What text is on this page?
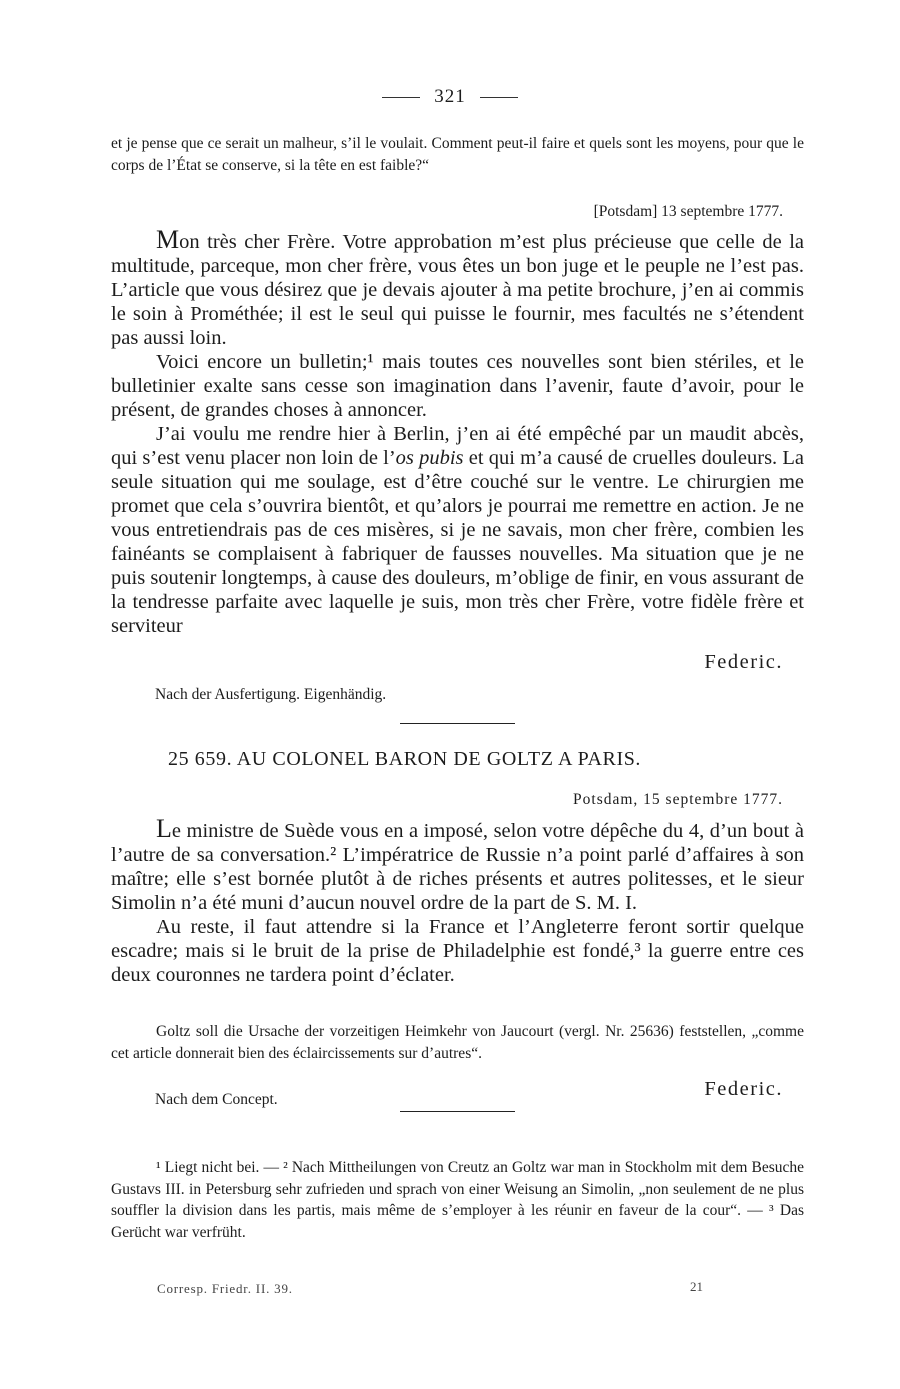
321

et je pense que ce serait un malheur, s’il le voulait. Comment peut-il faire et quels sont les moyens, pour que le corps de l’État se conserve, si la tête en est faible?“

[Potsdam] 13 septembre 1777.

Mon très cher Frère. Votre approbation m’est plus précieuse que celle de la multitude, parceque, mon cher frère, vous êtes un bon juge et le peuple ne l’est pas. L’article que vous désirez que je devais ajouter à ma petite brochure, j’en ai commis le soin à Prométhée; il est le seul qui puisse le fournir, mes facultés ne s’étendent pas aussi loin.

Voici encore un bulletin;¹ mais toutes ces nouvelles sont bien stériles, et le bulletinier exalte sans cesse son imagination dans l’avenir, faute d’avoir, pour le présent, de grandes choses à annoncer.

J’ai voulu me rendre hier à Berlin, j’en ai été empêché par un maudit abcès, qui s’est venu placer non loin de l’os pubis et qui m’a causé de cruelles douleurs. La seule situation qui me soulage, est d’être couché sur le ventre. Le chirurgien me promet que cela s’ouvrira bientôt, et qu’alors je pourrai me remettre en action. Je ne vous entretiendrais pas de ces misères, si je ne savais, mon cher frère, combien les fainéants se complaisent à fabriquer de fausses nouvelles. Ma situation que je ne puis soutenir longtemps, à cause des douleurs, m’oblige de finir, en vous assurant de la tendresse parfaite avec laquelle je suis, mon très cher Frère, votre fidèle frère et serviteur

Federic.

Nach der Ausfertigung. Eigenhändig.

25 659. AU COLONEL BARON DE GOLTZ A PARIS.

Potsdam, 15 septembre 1777.

Le ministre de Suède vous en a imposé, selon votre dépêche du 4, d’un bout à l’autre de sa conversation.² L’impératrice de Russie n’a point parlé d’affaires à son maître; elle s’est bornée plutôt à de riches présents et autres politesses, et le sieur Simolin n’a été muni d’aucun nouvel ordre de la part de S. M. I.

Au reste, il faut attendre si la France et l’Angleterre feront sortir quelque escadre; mais si le bruit de la prise de Philadelphie est fondé,³ la guerre entre ces deux couronnes ne tardera point d’éclater.

Goltz soll die Ursache der vorzeitigen Heimkehr von Jaucourt (vergl. Nr. 25636) feststellen, „comme cet article donnerait bien des éclaircissements sur d’autres“.

Federic.

Nach dem Concept.

¹ Liegt nicht bei. — ² Nach Mittheilungen von Creutz an Goltz war man in Stockholm mit dem Besuche Gustavs III. in Petersburg sehr zufrieden und sprach von einer Weisung an Simolin, „non seulement de ne plus souffler la division dans les partis, mais même de s’employer à les réunir en faveur de la cour“. — ³ Das Gerücht war verfrüht.

Corresp. Friedr. II. 39.	21
